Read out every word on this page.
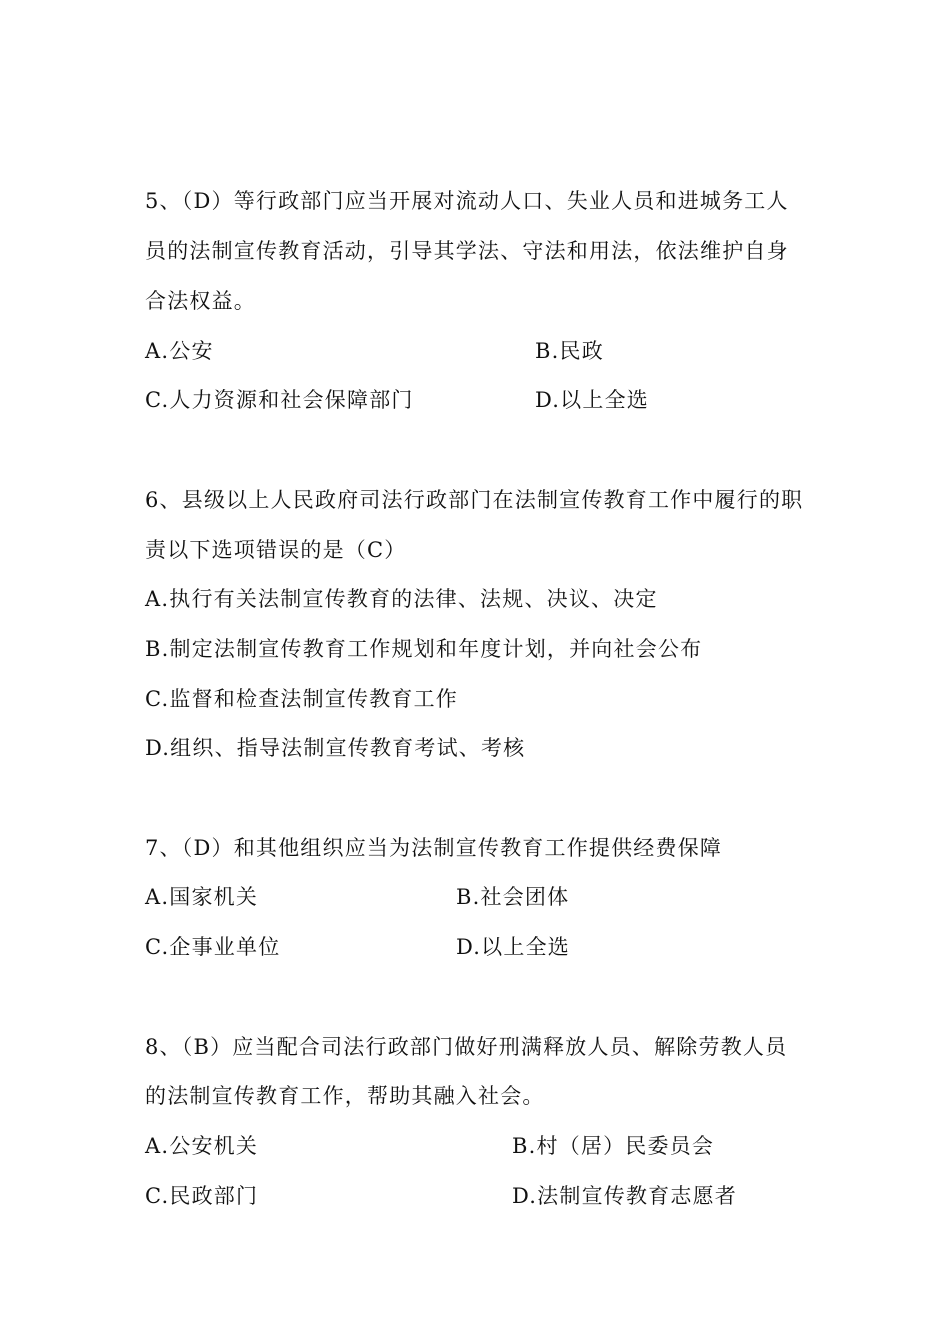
5、（D）等行政部门应当开展对流动人口、失业人员和进城务工人
员的法制宣传教育活动，引导其学法、守法和用法，依法维护自身
合法权益。
A.公安	B.民政
C.人力资源和社会保障部门	D.以上全选
6、县级以上人民政府司法行政部门在法制宣传教育工作中履行的职
责以下选项错误的是（C）
A.执行有关法制宣传教育的法律、法规、决议、决定
B.制定法制宣传教育工作规划和年度计划，并向社会公布
C.监督和检查法制宣传教育工作
D.组织、指导法制宣传教育考试、考核
7、（D）和其他组织应当为法制宣传教育工作提供经费保障
A.国家机关	B.社会团体
C.企事业单位	D.以上全选
8、（B）应当配合司法行政部门做好刑满释放人员、解除劳教人员
的法制宣传教育工作，帮助其融入社会。
A.公安机关	B.村（居）民委员会
C.民政部门	D.法制宣传教育志愿者
